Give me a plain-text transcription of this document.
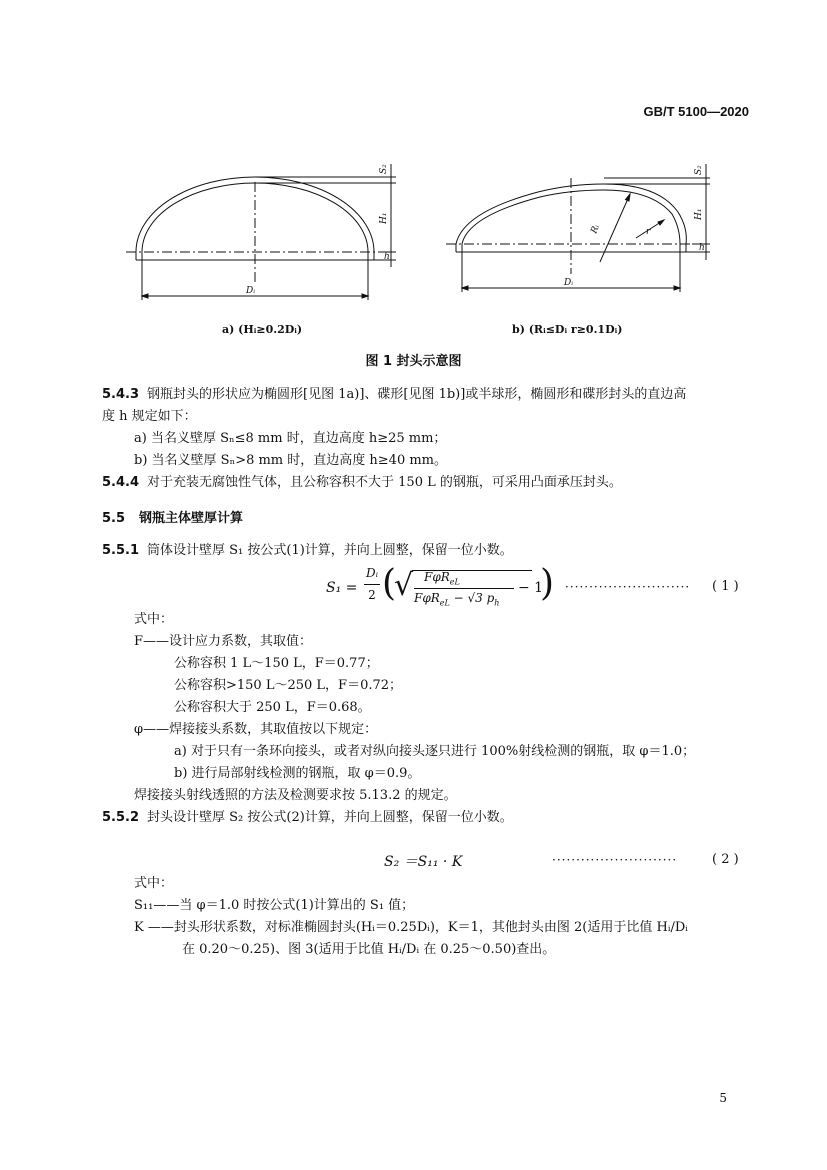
GB/T 5100—2020
S₂
H₁
h
Dᵢ
S₂
H₁
h
Dᵢ
Rᵢ	r
a) (Hᵢ≥0.2Dᵢ)	b) (Rᵢ≤Dᵢ r≥0.1Dᵢ)
图 1 封头示意图
5.4.3 钢瓶封头的形状应为椭圆形[见图 1a)]、碟形[见图 1b)]或半球形，椭圆形和碟形封头的直边高
度 h 规定如下：
a) 当名义壁厚 Sₙ≤8 mm 时，直边高度 h≥25 mm；
b) 当名义壁厚 Sₙ>8 mm 时，直边高度 h≥40 mm。
5.4.4 对于充装无腐蚀性气体，且公称容积不大于 150 L 的钢瓶，可采用凸面承压封头。
5.5 钢瓶主体壁厚计算
5.5.1 筒体设计壁厚 S₁ 按公式(1)计算，并向上圆整，保留一位小数。
S₁ =
Dᵢ
2 (
√ FφR$_{eL}$
FφR$_{eL}$ − √3 $p_h$
− 1
) ·························· ( 1 )
式中：
F——设计应力系数，其取值：
公称容积 1 L～150 L，F＝0.77；
公称容积>150 L～250 L，F＝0.72；
公称容积大于 250 L，F＝0.68。
φ——焊接接头系数，其取值按以下规定：
a) 对于只有一条环向接头，或者对纵向接头逐只进行 100%射线检测的钢瓶，取 φ＝1.0；
b) 进行局部射线检测的钢瓶，取 φ＝0.9。
焊接接头射线透照的方法及检测要求按 5.13.2 的规定。
5.5.2 封头设计壁厚 S₂ 按公式(2)计算，并向上圆整，保留一位小数。
S₂ ＝S₁₁ · K	··························	( 2 )
式中：
S₁₁——当 φ＝1.0 时按公式(1)计算出的 S₁ 值；
K ——封头形状系数，对标准椭圆封头(Hᵢ＝0.25Dᵢ)，K＝1，其他封头由图 2(适用于比值 Hᵢ/Dᵢ
在 0.20～0.25)、图 3(适用于比值 Hᵢ/Dᵢ 在 0.25～0.50)查出。
5
